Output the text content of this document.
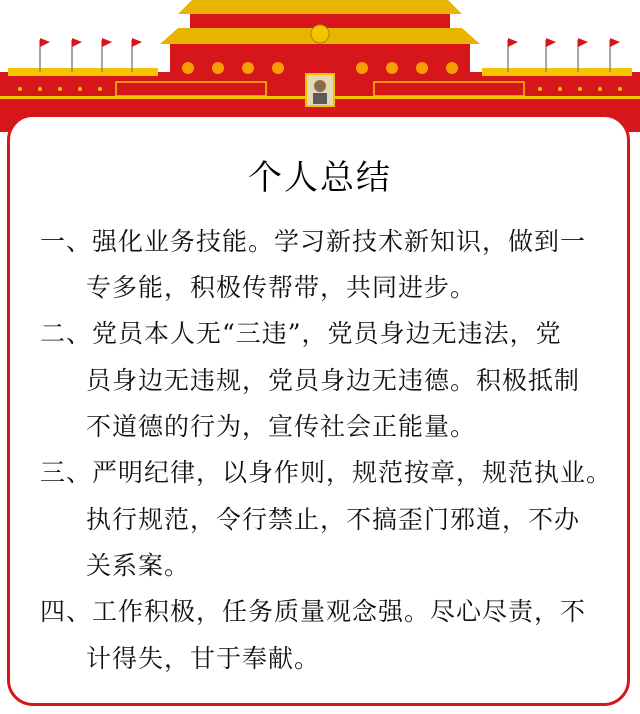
个人总结
一、 强化业务技能。学习新技术新知识，做到一
专多能，积极传帮带，共同进步。
二、 党员本人无“三违”，党员身边无违法，党
员身边无违规，党员身边无违德。积极抵制
不道德的行为，宣传社会正能量。
三、 严明纪律，以身作则，规范按章，规范执业。
执行规范，令行禁止，不搞歪门邪道，不办
关系案。
四、 工作积极，任务质量观念强。尽心尽责，不
计得失，甘于奉献。
